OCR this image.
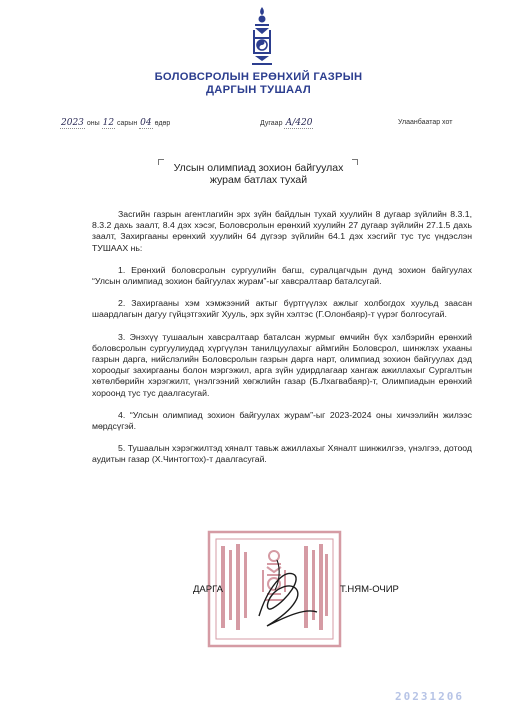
БОЛОВСРОЛЫН ЕРӨНХИЙ ГАЗРЫН
ДАРГЫН ТУШААЛ
2023 оны 12 сарын 04 өдөр	Дугаар А/420	Улаанбаатар хот
Улсын олимпиад зохион байгуулах
журам батлах тухай

Засгийн газрын агентлагийн эрх зүйн байдлын тухай хуулийн 8 дугаар зүйлийн 8.3.1, 8.3.2 дахь заалт, 8.4 дэх хэсэг, Боловсролын ерөнхий хуулийн 27 дугаар зүйлийн 27.1.5 дахь заалт, Захиргааны ерөнхий хуулийн 64 дүгээр зүйлийн 64.1 дэх хэсгийг тус тус үндэслэн ТУШААХ нь:

1. Ерөнхий боловсролын сургуулийн багш, суралцагчдын дунд зохион байгуулах “Улсын олимпиад зохион байгуулах журам”-ыг хавсралтаар баталсугай.

2. Захиргааны хэм хэмжээний актыг бүртгүүлэх ажлыг холбогдох хуульд заасан шаардлагын дагуу гүйцэтгэхийг Хууль, эрх зүйн хэлтэс (Г.Олонбаяр)-т үүрэг болгосугай.

3. Энэхүү тушаалын хавсралтаар баталсан журмыг өмчийн бүх хэлбэрийн ерөнхий боловсролын сургуулиудад хүргүүлэн танилцуулахыг аймгийн Боловсрол, шинжлэх ухааны газрын дарга, нийслэлийн Боловсролын газрын дарга нарт, олимпиад зохион байгуулах дэд хороодыг захиргааны болон мэргэжил, арга зүйн удирдлагаар хангаж ажиллахыг Сургалтын хөтөлбөрийн хэрэгжилт, үнэлгээний хөгжлийн газар (Б.Лхагвабаяр)-т, Олимпиадын ерөнхий хороонд тус тус даалгасугай.

4. “Улсын олимпиад зохион байгуулах журам”-ыг 2023-2024 оны хичээлийн жилээс мөрдсүгэй.

5. Тушаалын хэрэгжилтэд хяналт тавьж ажиллахыг Хяналт шинжилгээ, үнэлгээ, дотоод аудитын газар (Х.Чинтогтох)-т даалгасугай.

ДАРГА	Т.НЯМ-ОЧИР
20231206
